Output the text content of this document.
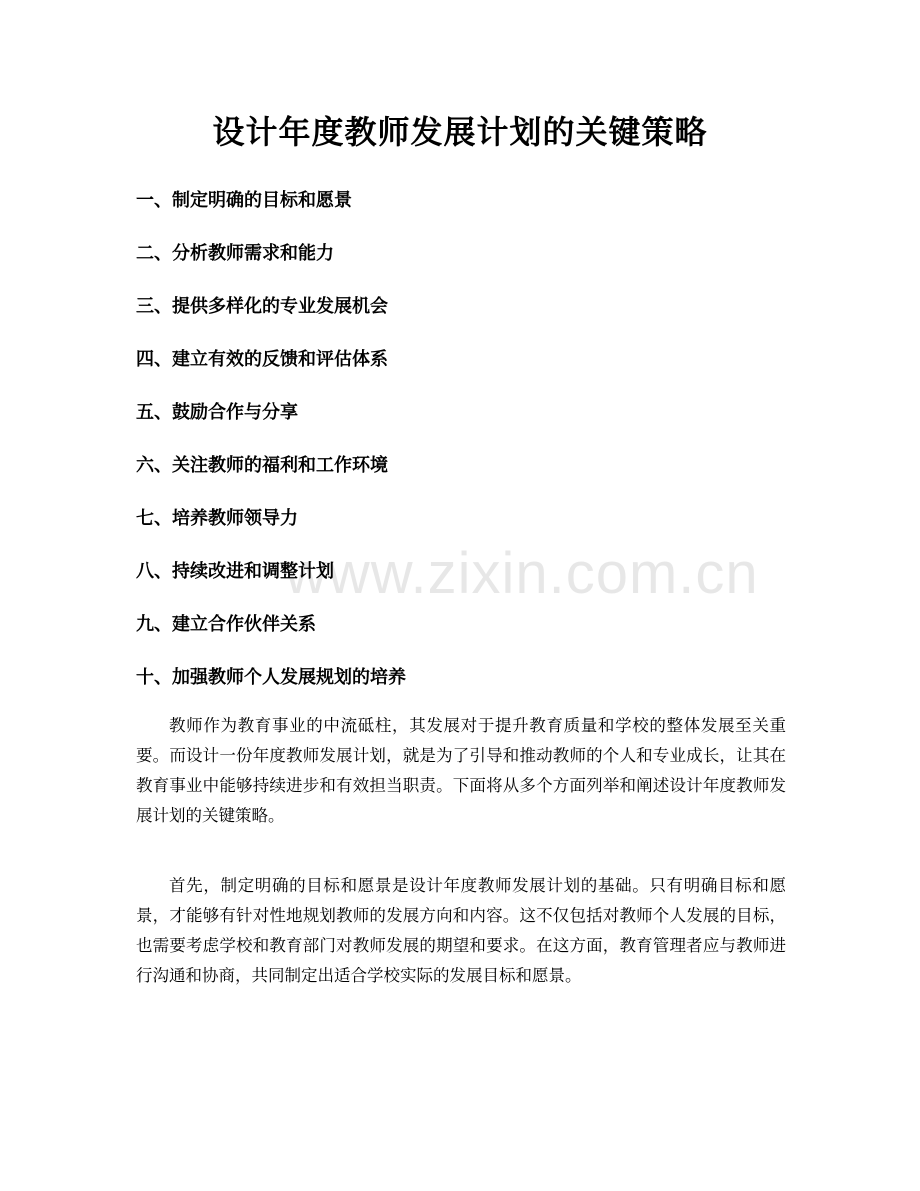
设计年度教师发展计划的关键策略
一、制定明确的目标和愿景
二、分析教师需求和能力
三、提供多样化的专业发展机会
四、建立有效的反馈和评估体系
五、鼓励合作与分享
六、关注教师的福利和工作环境
七、培养教师领导力
八、持续改进和调整计划
九、建立合作伙伴关系
十、加强教师个人发展规划的培养

教师作为教育事业的中流砥柱，其发展对于提升教育质量和学校的整体发展至关重要。而设计一份年度教师发展计划，就是为了引导和推动教师的个人和专业成长，让其在教育事业中能够持续进步和有效担当职责。下面将从多个方面列举和阐述设计年度教师发展计划的关键策略。

首先，制定明确的目标和愿景是设计年度教师发展计划的基础。只有明确目标和愿景，才能够有针对性地规划教师的发展方向和内容。这不仅包括对教师个人发展的目标，也需要考虑学校和教育部门对教师发展的期望和要求。在这方面，教育管理者应与教师进行沟通和协商，共同制定出适合学校实际的发展目标和愿景。

www.zixin.com.cn
